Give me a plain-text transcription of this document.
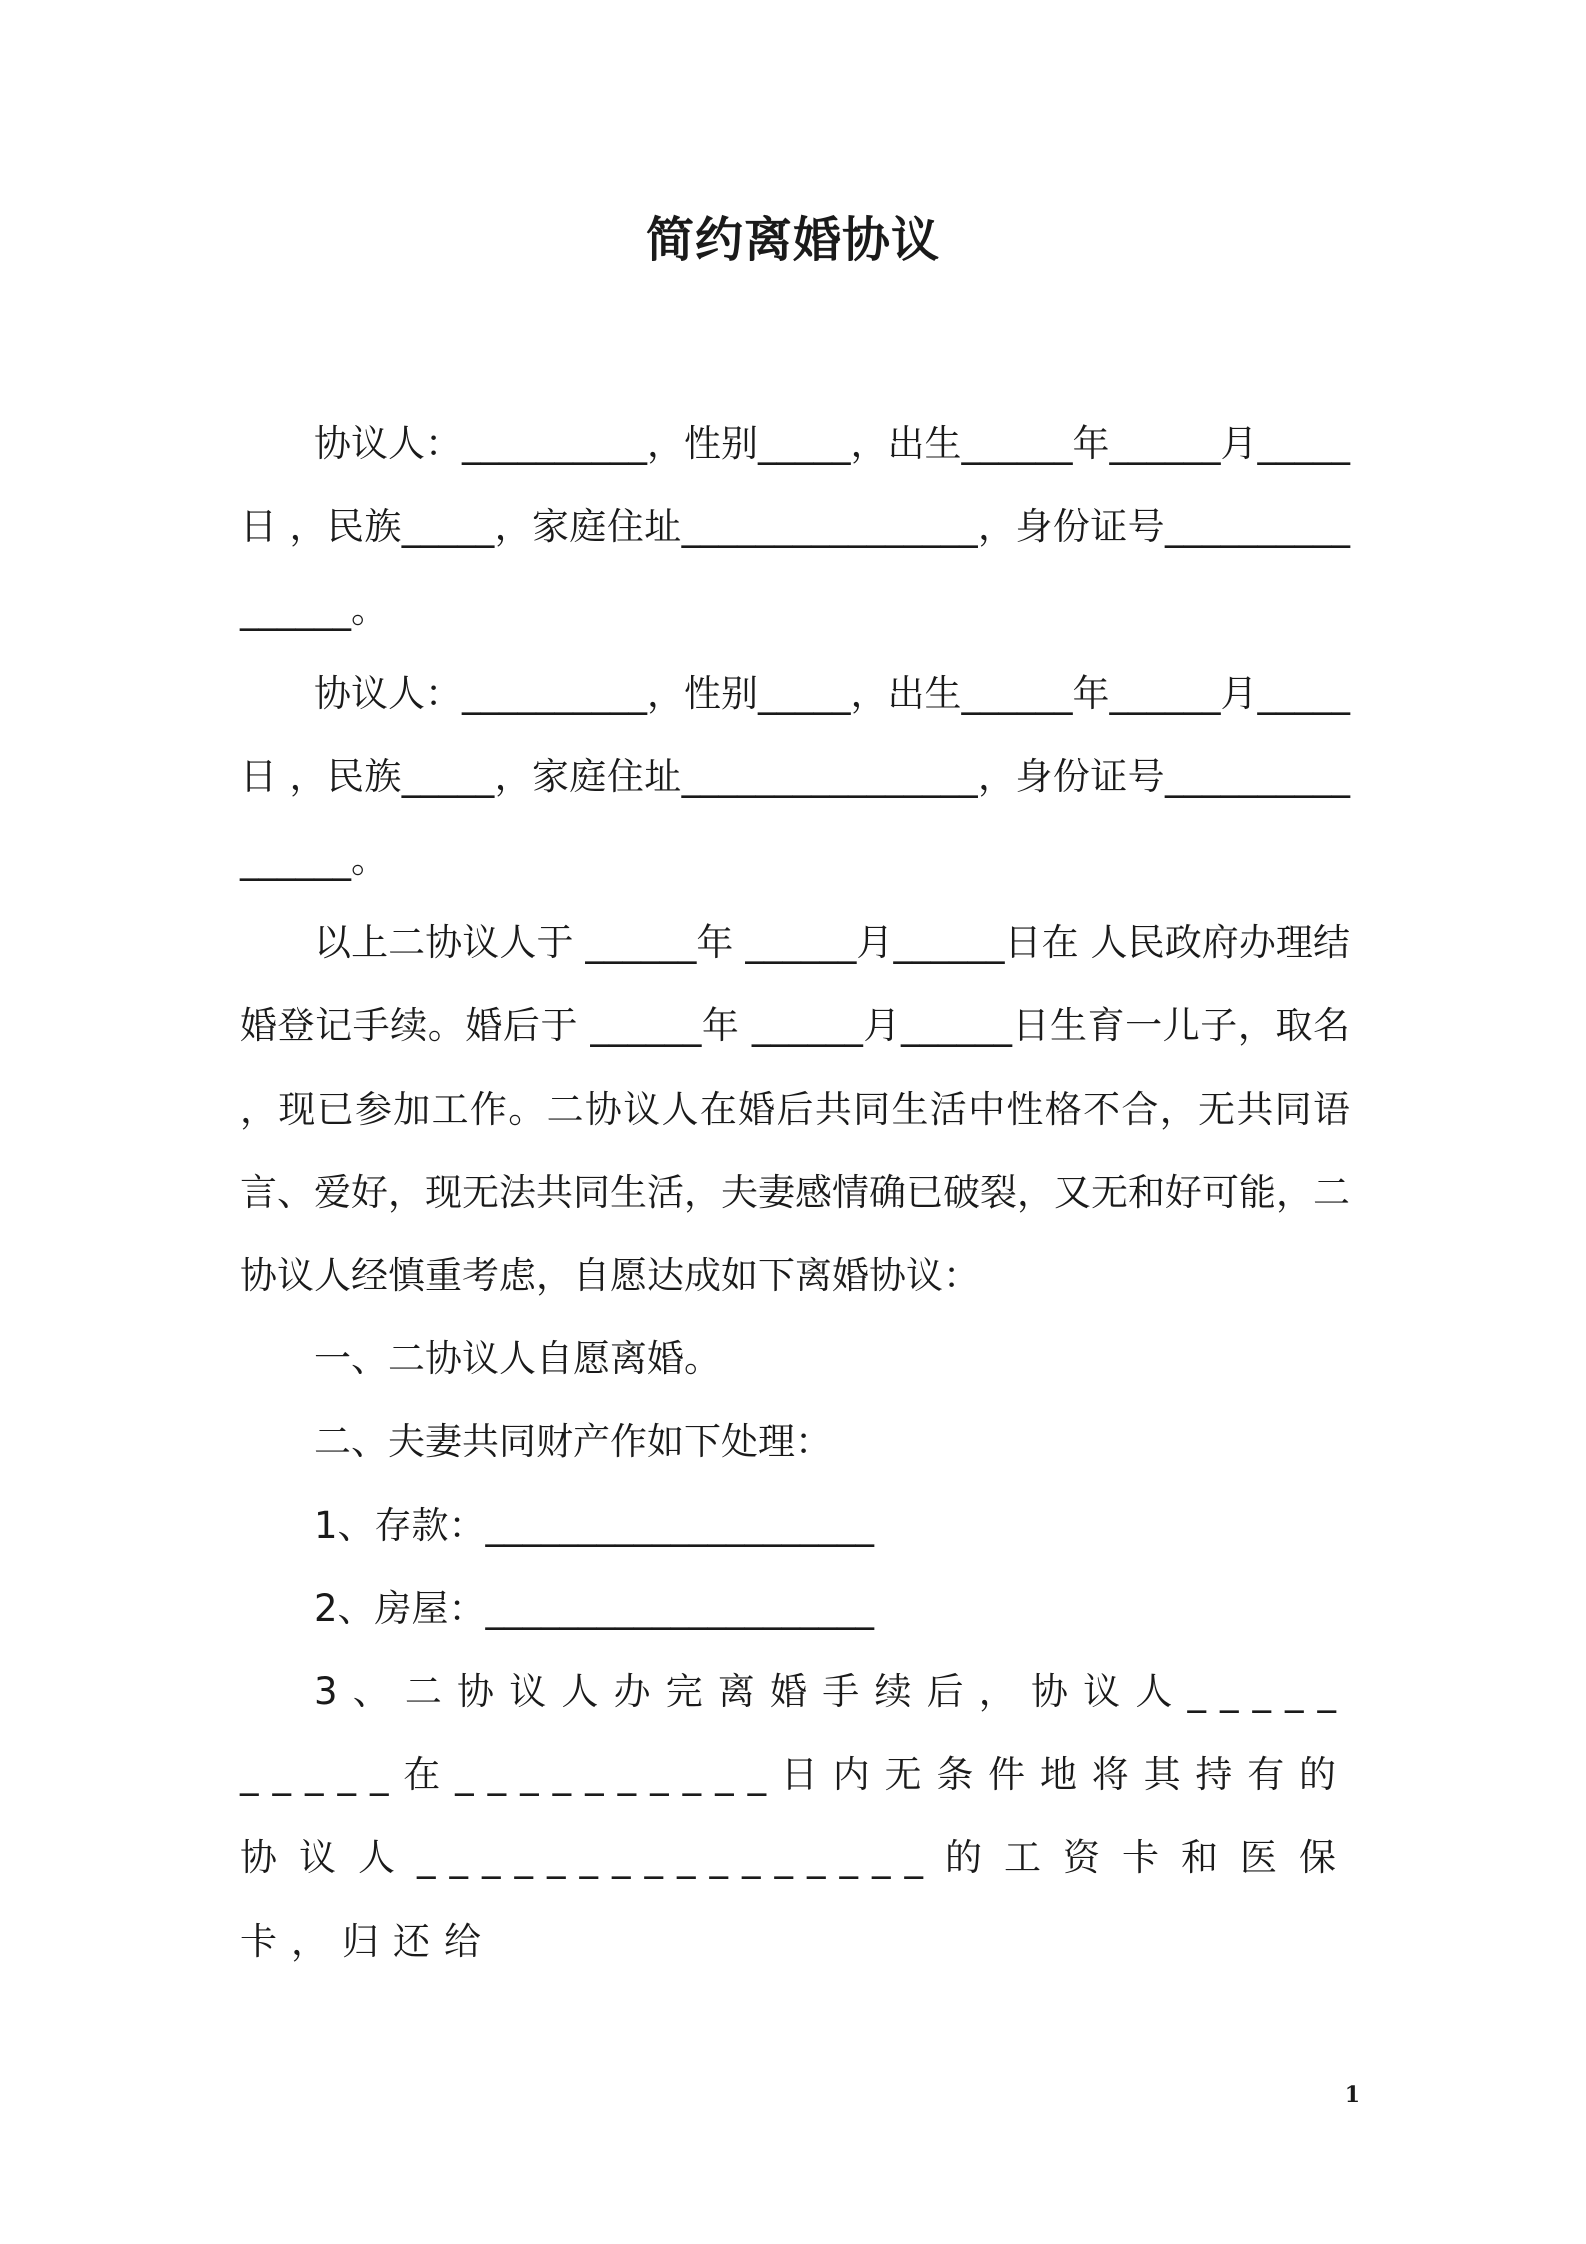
简约离婚协议

协议人：__________，性别_____，出生______年______月_____日 ，民族_____，家庭住址________________，身份证号________________。

协议人：__________，性别_____，出生______年______月_____日 ，民族_____，家庭住址________________，身份证号________________。

以上二协议人于 ______年 ______月______日在 人民政府办理结婚登记手续。婚后于 ______年 ______月______日生育一儿子，取名 ，现已参加工作。二协议人在婚后共同生活中性格不合，无共同语言、爱好，现无法共同生活，夫妻感情确已破裂，又无和好可能，二协议人经慎重考虑，自愿达成如下离婚协议：

一、二协议人自愿离婚。

二、夫妻共同财产作如下处理：

1、存款：_____________________

2、房屋：_____________________

3、二协议人办完离婚手续后，协议人__________在__________日内无条件地将其持有的协议人________________的工资卡和医保卡，归还给

1
